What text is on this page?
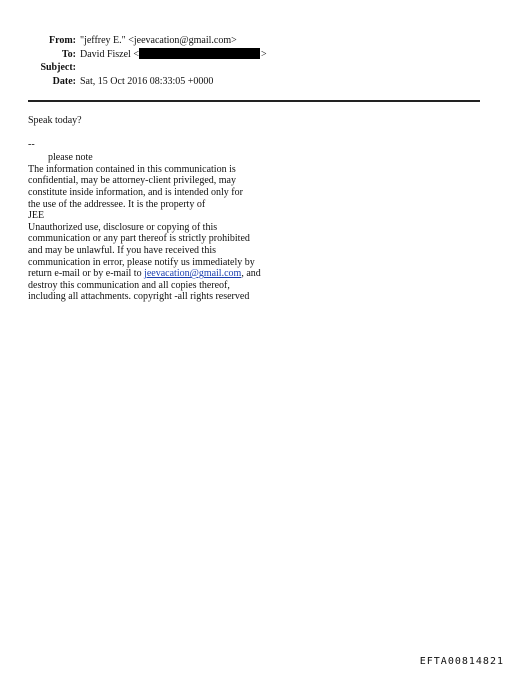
From: "jeffrey E." <jeevacation@gmail.com>
To: David Fiszel <	>
Subject:
Date: Sat, 15 Oct 2016 08:33:05 +0000
Speak today?
--
please note
The information contained in this communication is
confidential, may be attorney-client privileged, may
constitute inside information, and is intended only for
the use of the addressee. It is the property of
JEE
Unauthorized use, disclosure or copying of this
communication or any part thereof is strictly prohibited
and may be unlawful. If you have received this
communication in error, please notify us immediately by
return e-mail or by e-mail to jeevacation@gmail.com, and
destroy this communication and all copies thereof,
including all attachments. copyright -all rights reserved
EFTA00814821
